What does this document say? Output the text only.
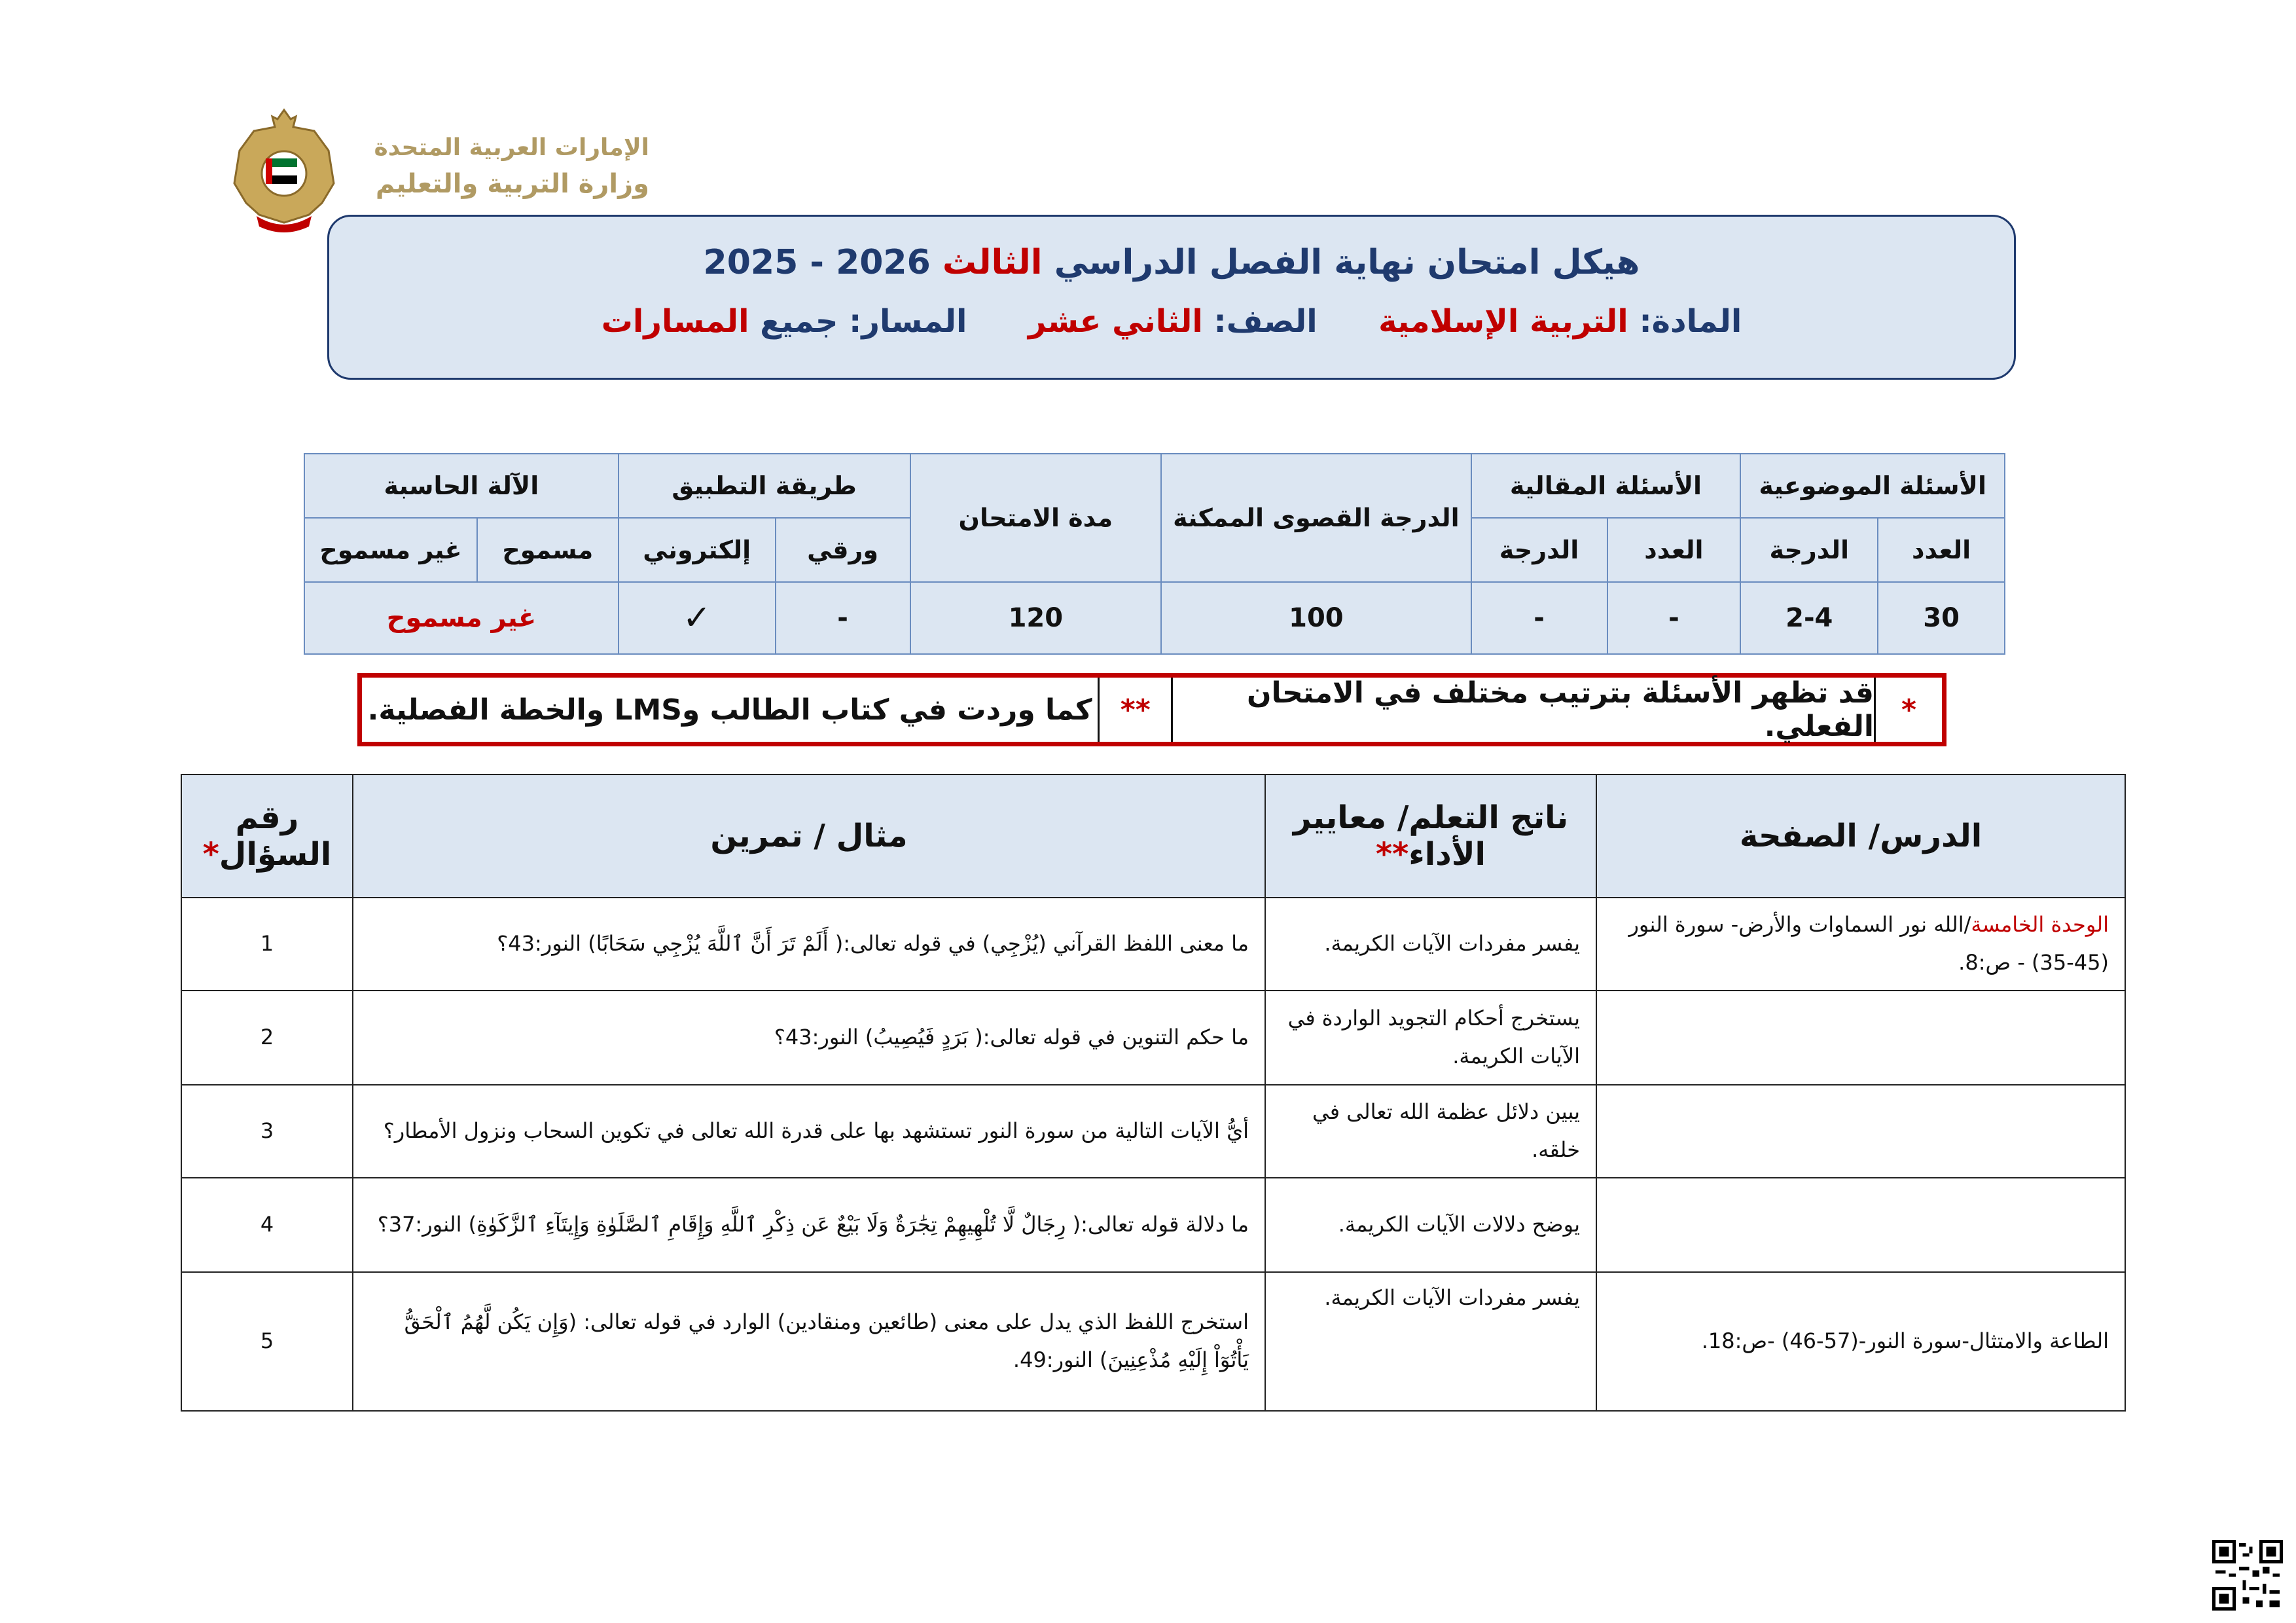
الإمارات العربية المتحدة
وزارة التربية والتعليم
هيكل امتحان نهاية الفصل الدراسي الثالث 2025 - 2026
المادة: التربية الإسلامية  الصف: الثاني عشر  المسار: جميع المسارات
الأسئلة الموضوعية		الأسئلة المقالية		الدرجة القصوى الممكنة	مدة الامتحان	طريقة التطبيق		الآلة الحاسبة	
العدد	الدرجة	العدد	الدرجة			ورقي	إلكتروني	مسموح	غير مسموح
30	2-4	-	-	100	120	-	✓	غير مسموح	
*
قد تظهر الأسئلة بترتيب مختلف في الامتحان الفعلي.
**
كما وردت في كتاب الطالب وLMS والخطة الفصلية.
الدرس/ الصفحة	ناتج التعلم/ معايير الأداء**	مثال / تمرين	رقم السؤال*
الوحدة الخامسة/الله نور السماوات والأرض- سورة النور (45-35) - ص:8.	يفسر مفردات الآيات الكريمة.	ما معنى اللفظ القرآني (يُزْجِي) في قوله تعالى:( أَلَمْ تَرَ أَنَّ ٱللَّهَ يُزْجِي سَحَابًا) النور:43؟	1
	يستخرج أحكام التجويد الواردة في الآيات الكريمة.	ما حكم التنوين في قوله تعالى:( بَرَدٍ فَيُصِيبُ) النور:43؟	2
	يبين دلائل عظمة الله تعالى في خلقه.	أيُّ الآيات التالية من سورة النور تستشهد بها على قدرة الله تعالى في تكوين السحاب ونزول الأمطار؟	3
	يوضح دلالات الآيات الكريمة.	ما دلالة قوله تعالى:( رِجَالٌ لَّا تُلْهِيهِمْ تِجَٰرَةٌ وَلَا بَيْعٌ عَن ذِكْرِ ٱللَّهِ وَإِقَامِ ٱلصَّلَوٰةِ وَإِيتَآءِ ٱلزَّكَوٰةِ) النور:37؟	4
الطاعة والامتثال-سورة النور-(57-46) -ص:18.	يفسر مفردات الآيات الكريمة.	استخرج اللفظ الذي يدل على معنى (طائعين ومنقادين) الوارد في قوله تعالى: (وَإِن يَكُن لَّهُمُ ٱلْحَقُّ يَأْتُوٓاْ إِلَيْهِ مُذْعِنِينَ) النور:49.	5
